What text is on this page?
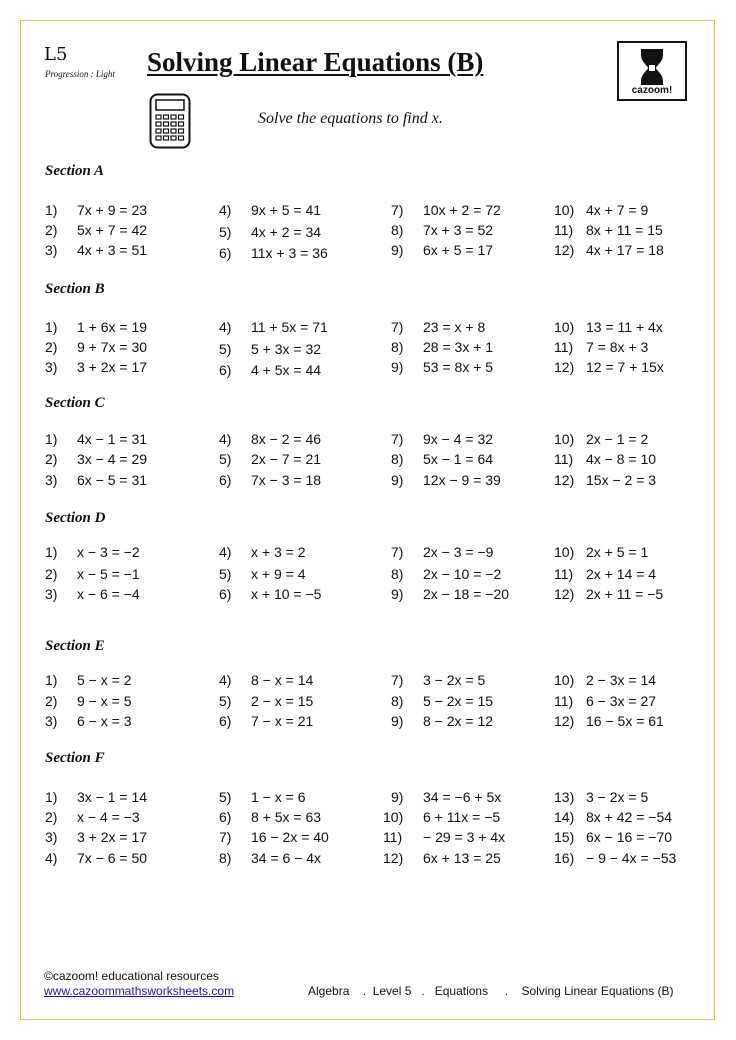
L5
Progression : Light Solving Linear Equations (B)
cazoom!

Solve the equations to find x.

Section A
1) 7x + 9 = 23
2) 5x + 7 = 42
3) 4x + 3 = 51
4) 9x + 5 = 41
5) 4x + 2 = 34
6) 11x + 3 = 36
7) 10x + 2 = 72
8) 7x + 3 = 52
9) 6x + 5 = 17
10) 4x + 7 = 9
11) 8x + 11 = 15
12) 4x + 17 = 18
Section B
1) 1 + 6x = 19
2) 9 + 7x = 30
3) 3 + 2x = 17
4) 11 + 5x = 71
5) 5 + 3x = 32
6) 4 + 5x = 44
7) 23 = x + 8
8) 28 = 3x + 1
9) 53 = 8x + 5
10) 13 = 11 + 4x
11) 7 = 8x + 3
12) 12 = 7 + 15x
Section C
1) 4x − 1 = 31
2) 3x − 4 = 29
3) 6x − 5 = 31
4) 8x − 2 = 46
5) 2x − 7 = 21
6) 7x − 3 = 18
7) 9x − 4 = 32
8) 5x − 1 = 64
9) 12x − 9 = 39
10) 2x − 1 = 2
11) 4x − 8 = 10
12) 15x − 2 = 3
Section D
1) x − 3 = −2
2) x − 5 = −1
3) x − 6 = −4
4) x + 3 = 2
5) x + 9 = 4
6) x + 10 = −5
7) 2x − 3 = −9
8) 2x − 10 = −2
9) 2x − 18 = −20
10) 2x + 5 = 1
11) 2x + 14 = 4
12) 2x + 11 = −5
Section E
1) 5 − x = 2
2) 9 − x = 5
3) 6 − x = 3
4) 8 − x = 14
5) 2 − x = 15
6) 7 − x = 21
7) 3 − 2x = 5
8) 5 − 2x = 15
9) 8 − 2x = 12
10) 2 − 3x = 14
11) 6 − 3x = 27
12) 16 − 5x = 61
Section F
1) 3x − 1 = 14
2) x − 4 = −3
3) 3 + 2x = 17
4) 7x − 6 = 50
5) 1 − x = 6
6) 8 + 5x = 63
7) 16 − 2x = 40
8) 34 = 6 − 4x
9) 34 = −6 + 5x
10) 6 + 11x = −5
11) − 29 = 3 + 4x
12) 6x + 13 = 25
13) 3 − 2x = 5
14) 8x + 42 = −54
15) 6x − 16 = −70
16) − 9 − 4x = −53
©cazoom! educational resources
www.cazoommathsworksheets.com	Algebra    .  Level 5   .   Equations     .    Solving Linear Equations (B)
